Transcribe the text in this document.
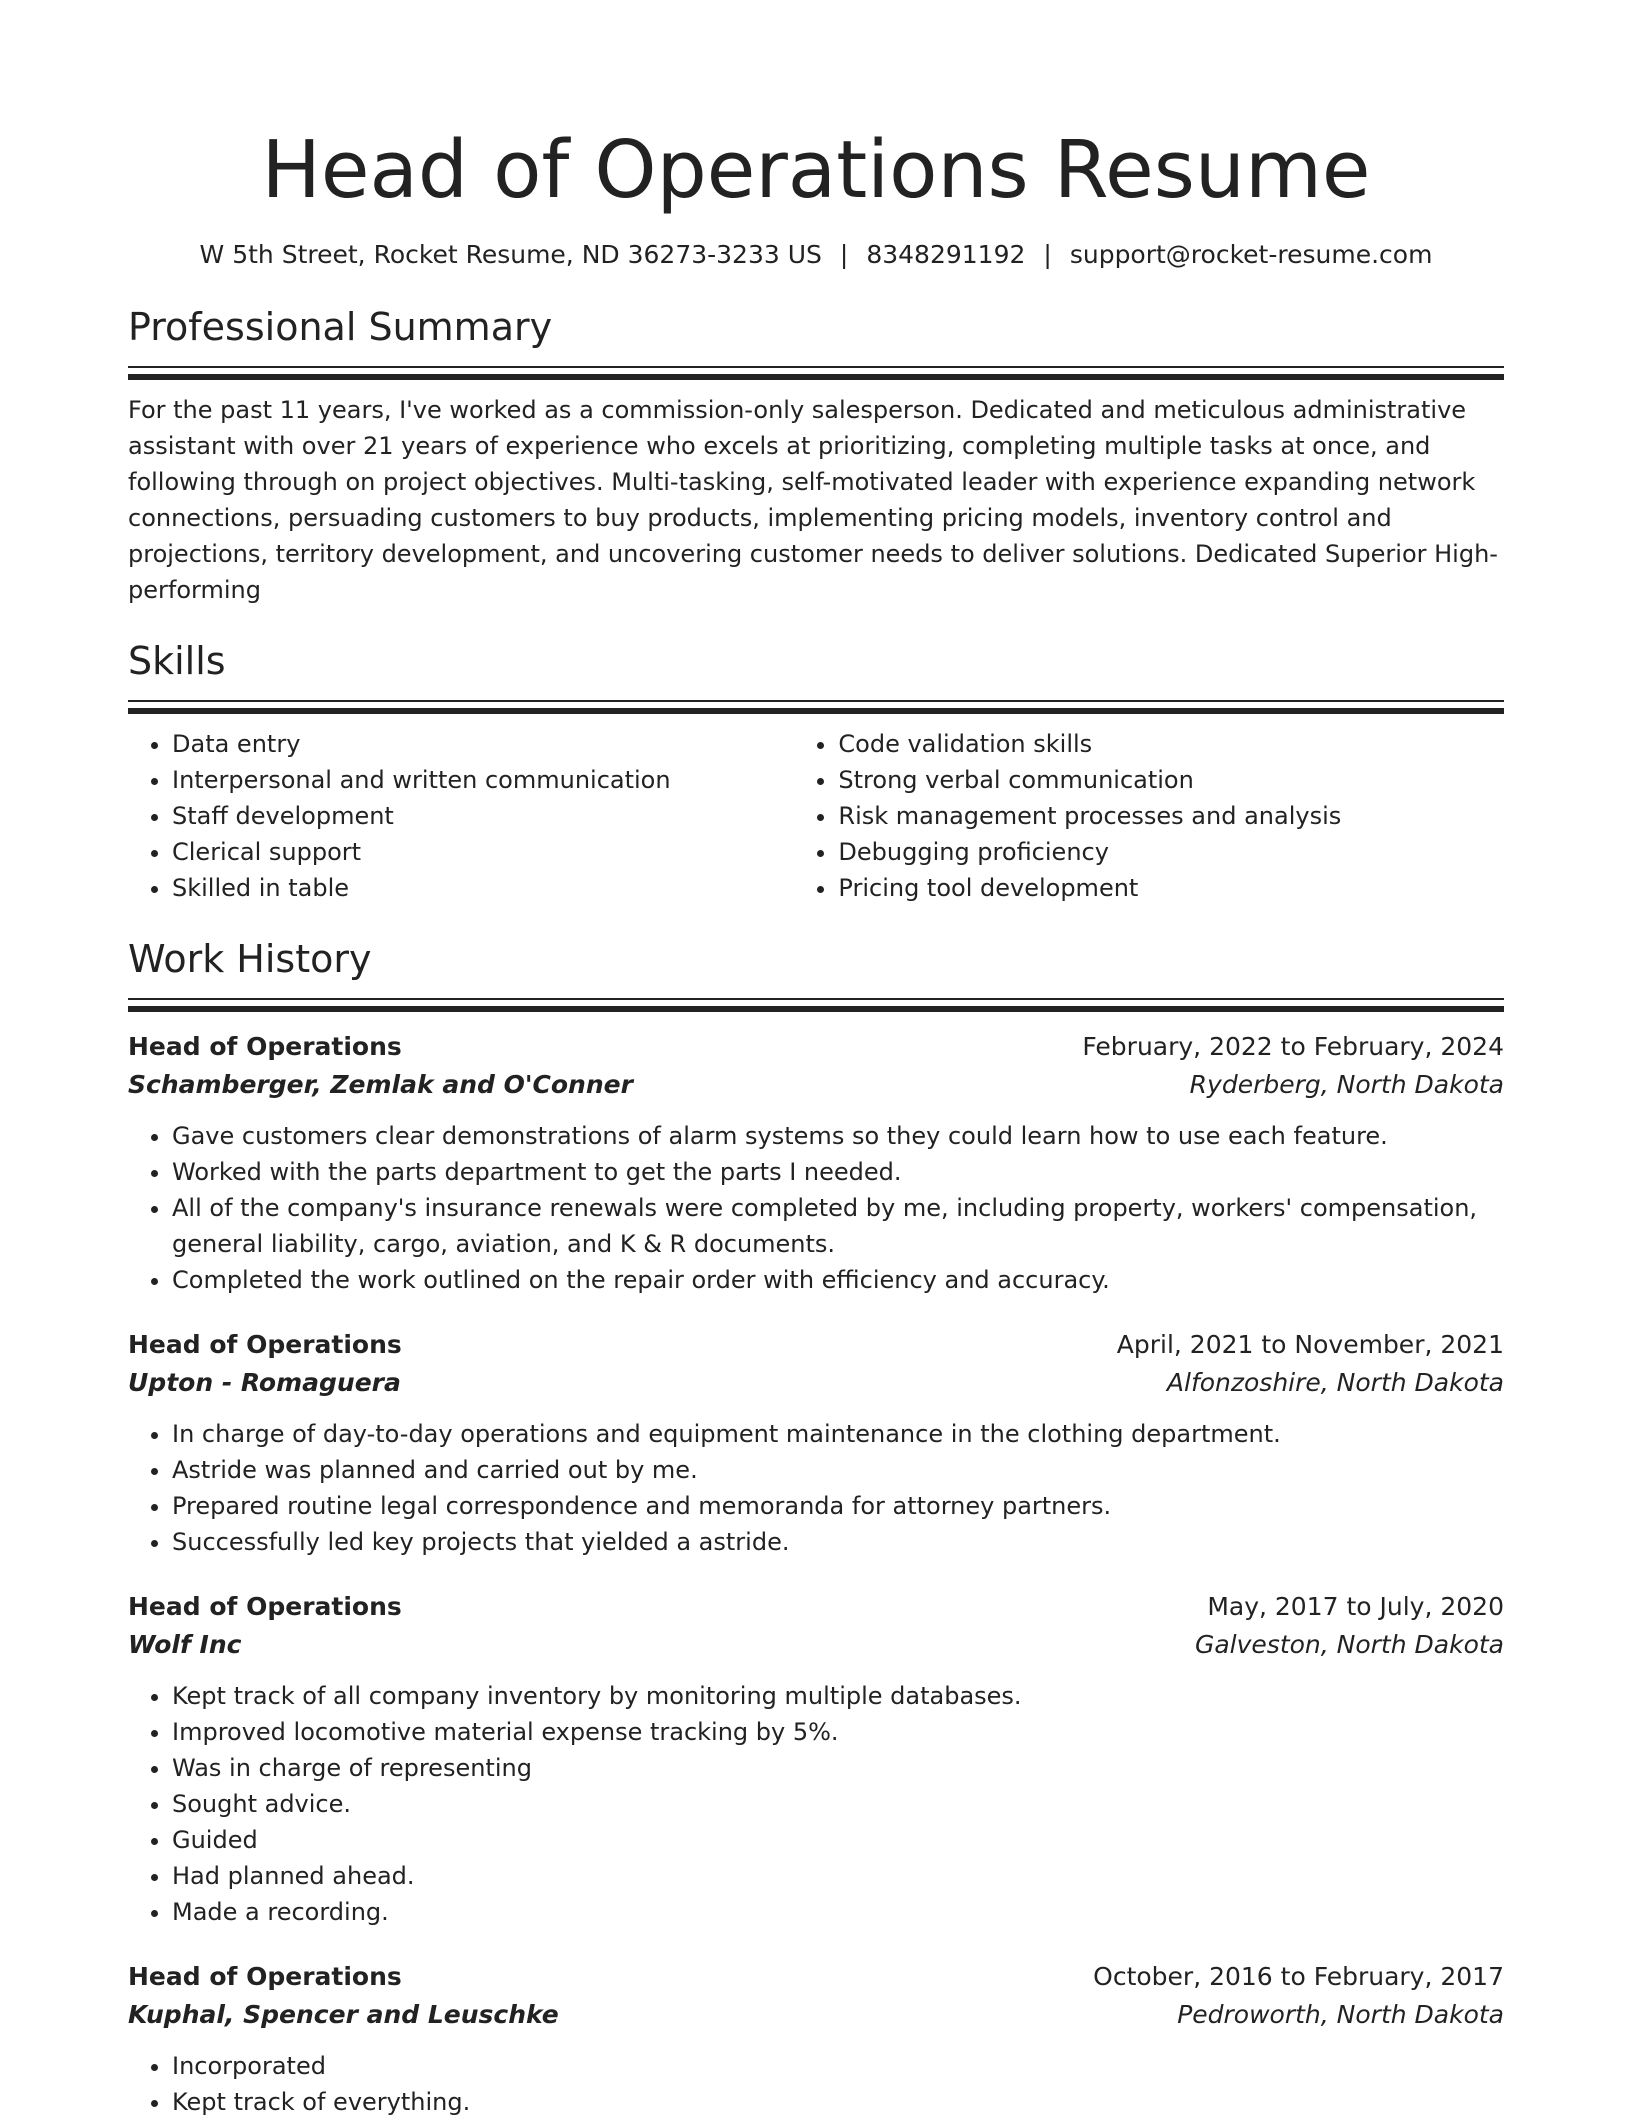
Head of Operations Resume
W 5th Street, Rocket Resume, ND 36273-3233 US | 8348291192 | support@rocket-resume.com
Professional Summary

For the past 11 years, I've worked as a commission-only salesperson. Dedicated and meticulous administrative assistant with over 21 years of experience who excels at prioritizing, completing multiple tasks at once, and following through on project objectives. Multi-tasking, self-motivated leader with experience expanding network connections, persuading customers to buy products, implementing pricing models, inventory control and projections, territory development, and uncovering customer needs to deliver solutions. Dedicated Superior High-performing

Skills
• Data entry
• Interpersonal and written communication
• Staff development
• Clerical support
• Skilled in table
• Code validation skills
• Strong verbal communication
• Risk management processes and analysis
• Debugging proficiency
• Pricing tool development
Work History
Head of Operations	February, 2022 to February, 2024
Schamberger, Zemlak and O'Conner	Ryderberg, North Dakota
• Gave customers clear demonstrations of alarm systems so they could learn how to use each feature.
• Worked with the parts department to get the parts I needed.
• All of the company's insurance renewals were completed by me, including property, workers' compensation, general liability, cargo, aviation, and K & R documents.
• Completed the work outlined on the repair order with efficiency and accuracy.
Head of Operations	April, 2021 to November, 2021
Upton - Romaguera	Alfonzoshire, North Dakota
• In charge of day-to-day operations and equipment maintenance in the clothing department.
• Astride was planned and carried out by me.
• Prepared routine legal correspondence and memoranda for attorney partners.
• Successfully led key projects that yielded a astride.
Head of Operations	May, 2017 to July, 2020
Wolf Inc	Galveston, North Dakota
• Kept track of all company inventory by monitoring multiple databases.
• Improved locomotive material expense tracking by 5%.
• Was in charge of representing
• Sought advice.
• Guided
• Had planned ahead.
• Made a recording.
Head of Operations	October, 2016 to February, 2017
Kuphal, Spencer and Leuschke	Pedroworth, North Dakota
• Incorporated
• Kept track of everything.
